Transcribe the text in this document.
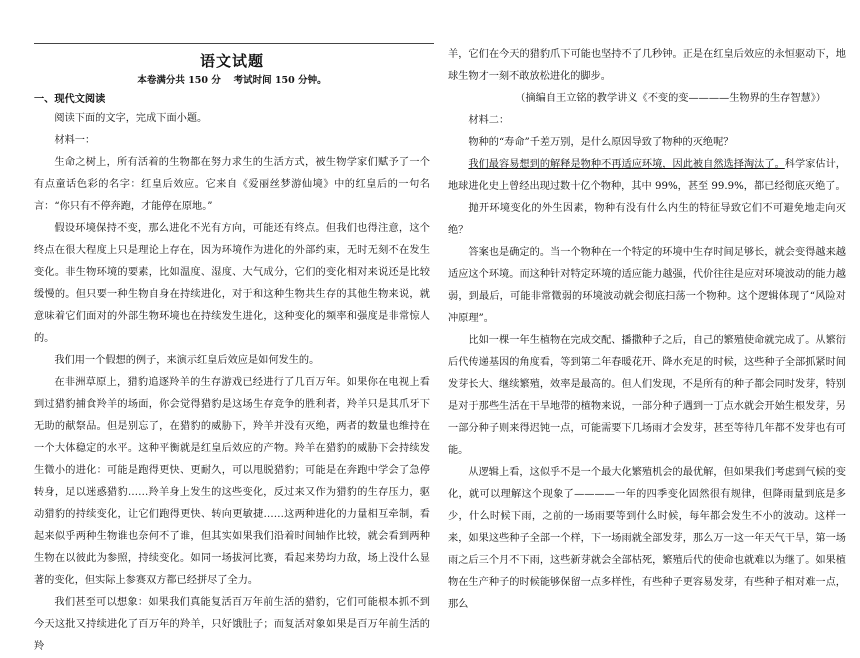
语文试题

本卷满分共 150 分　 考试时间 150 分钟。

一、现代文阅读

阅读下面的文字，完成下面小题。

材料一：

生命之树上，所有活着的生物都在努力求生的生活方式，被生物学家们赋予了一个有点童话色彩的名字：红皇后效应。它来自《爱丽丝梦游仙境》中的红皇后的一句名言：“你只有不停奔跑，才能停在原地。”

假设环境保持不变，那么进化不光有方向，可能还有终点。但我们也得注意，这个终点在很大程度上只是理论上存在，因为环境作为进化的外部约束，无时无刻不在发生变化。非生物环境的要素，比如温度、湿度、大气成分，它们的变化相对来说还是比较缓慢的。但只要一种生物自身在持续进化，对于和这种生物共生存的其他生物来说，就意味着它们面对的外部生物环境也在持续发生进化，这种变化的频率和强度是非常惊人的。

我们用一个假想的例子，来演示红皇后效应是如何发生的。

在非洲草原上，猎豹追逐羚羊的生存游戏已经进行了几百万年。如果你在电视上看到过猎豹捕食羚羊的场面，你会觉得猎豹是这场生存竞争的胜利者，羚羊只是其爪牙下无助的献祭品。但是别忘了，在猎豹的威胁下，羚羊并没有灭绝，两者的数量也维持在一个大体稳定的水平。这种平衡就是红皇后效应的产物。羚羊在猎豹的威胁下会持续发生微小的进化：可能是跑得更快、更耐久，可以甩脱猎豹；可能是在奔跑中学会了急停转身，足以迷惑猎豹……羚羊身上发生的这些变化，反过来又作为猎豹的生存压力，驱动猎豹的持续变化，让它们跑得更快、转向更敏捷……这两种进化的力量相互牵制，看起来似乎两种生物谁也奈何不了谁，但其实如果我们沿着时间轴作比较，就会看到两种生物在以彼此为参照，持续变化。如同一场拔河比赛，看起来势均力敌，场上没什么显著的变化，但实际上参赛双方都已经拼尽了全力。

我们甚至可以想象：如果我们真能复活百万年前生活的猎豹，它们可能根本抓不到今天这批又持续进化了百万年的羚羊，只好饿肚子；而复活对象如果是百万年前生活的羚

羊，它们在今天的猎豹爪下可能也坚持不了几秒钟。正是在红皇后效应的永恒驱动下，地球生物才一刻不敢放松进化的脚步。

（摘编自王立铭的教学讲义《不变的变————生物界的生存智慧》）

材料二：

物种的“寿命”千差万别，是什么原因导致了物种的灭绝呢？

我们最容易想到的解释是物种不再适应环境，因此被自然选择淘汰了。科学家估计，地球进化史上曾经出现过数十亿个物种，其中 99%，甚至 99.9%，都已经彻底灭绝了。

抛开环境变化的外生因素，物种有没有什么内生的特征导致它们不可避免地走向灭绝？

答案也是确定的。当一个物种在一个特定的环境中生存时间足够长，就会变得越来越适应这个环境。而这种针对特定环境的适应能力越强，代价往往是应对环境波动的能力越弱，到最后，可能非常微弱的环境波动就会彻底扫荡一个物种。这个逻辑体现了“风险对冲原理”。

比如一棵一年生植物在完成交配、播撒种子之后，自己的繁殖使命就完成了。从繁衍后代传递基因的角度看，等到第二年春暖花开、降水充足的时候，这些种子全部抓紧时间发芽长大、继续繁殖，效率是最高的。但人们发现，不是所有的种子都会同时发芽，特别是对于那些生活在干旱地带的植物来说，一部分种子遇到一丁点水就会开始生根发芽，另一部分种子则来得迟钝一点，可能需要下几场雨才会发芽，甚至等待几年都不发芽也有可能。

从逻辑上看，这似乎不是一个最大化繁殖机会的最优解，但如果我们考虑到气候的变化，就可以理解这个现象了————一年的四季变化固然很有规律，但降雨量到底是多少，什么时候下雨，之前的一场雨要等到什么时候，每年都会发生不小的波动。这样一来，如果这些种子全部一个样，下一场雨就全部发芽，那么万一这一年天气干旱，第一场雨之后三个月不下雨，这些新芽就会全部枯死，繁殖后代的使命也就难以为继了。如果植物在生产种子的时候能够保留一点多样性，有些种子更容易发芽，有些种子相对难一点，那么
